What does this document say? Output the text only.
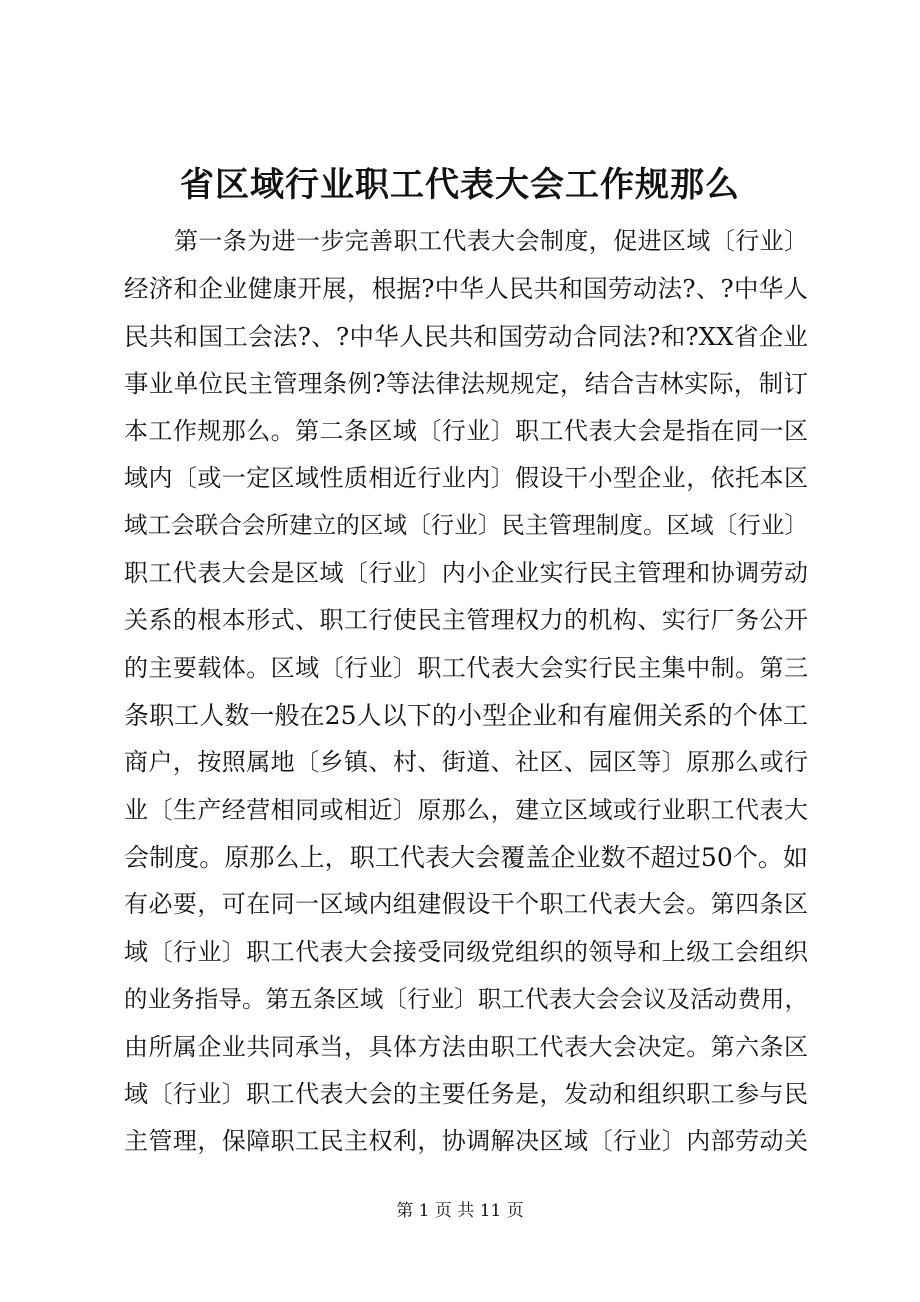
省区域行业职工代表大会工作规那么
第一条为进一步完善职工代表大会制度，促进区域〔行业〕
经济和企业健康开展，根据?中华人民共和国劳动法?、?中华人
民共和国工会法?、?中华人民共和国劳动合同法?和?XX省企业
事业单位民主管理条例?等法律法规规定，结合吉林实际，制订
本工作规那么。第二条区域〔行业〕职工代表大会是指在同一区
域内〔或一定区域性质相近行业内〕假设干小型企业，依托本区
域工会联合会所建立的区域〔行业〕民主管理制度。区域〔行业〕
职工代表大会是区域〔行业〕内小企业实行民主管理和协调劳动
关系的根本形式、职工行使民主管理权力的机构、实行厂务公开
的主要载体。区域〔行业〕职工代表大会实行民主集中制。第三
条职工人数一般在25人以下的小型企业和有雇佣关系的个体工
商户，按照属地〔乡镇、村、街道、社区、园区等〕原那么或行
业〔生产经营相同或相近〕原那么，建立区域或行业职工代表大
会制度。原那么上，职工代表大会覆盖企业数不超过50个。如
有必要，可在同一区域内组建假设干个职工代表大会。第四条区
域〔行业〕职工代表大会接受同级党组织的领导和上级工会组织
的业务指导。第五条区域〔行业〕职工代表大会会议及活动费用，
由所属企业共同承当，具体方法由职工代表大会决定。第六条区
域〔行业〕职工代表大会的主要任务是，发动和组织职工参与民
主管理，保障职工民主权利，协调解决区域〔行业〕内部劳动关
第 1 页 共 11 页
